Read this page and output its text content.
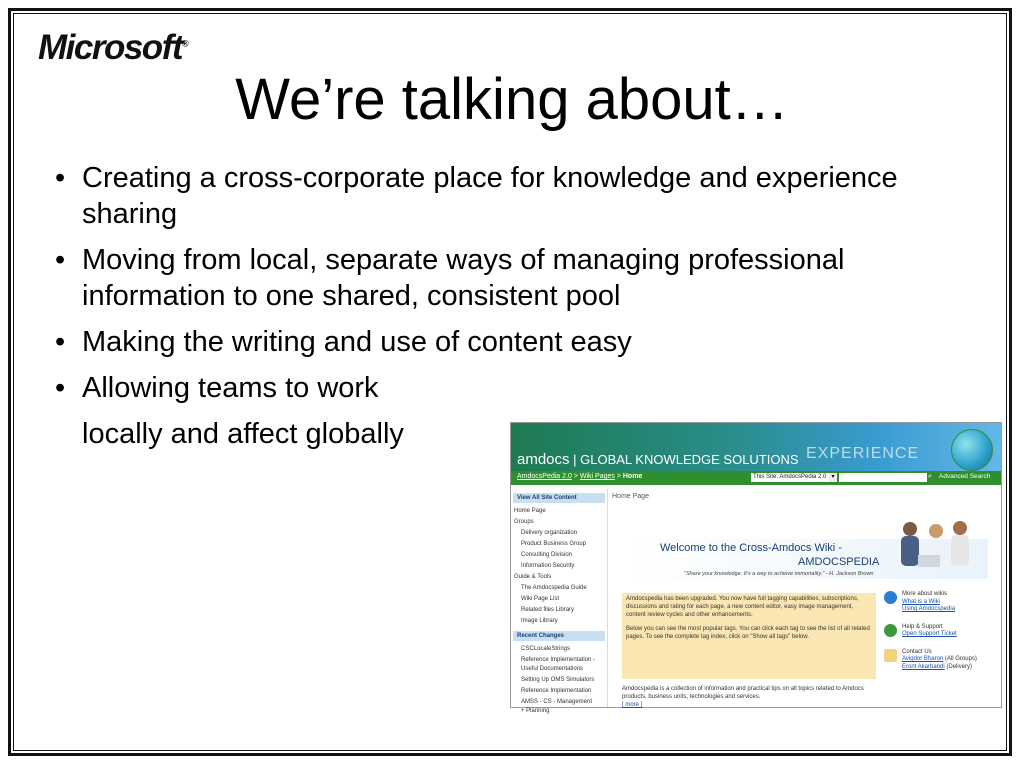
Microsoft®
We’re talking about…
• Creating a cross-corporate place for knowledge and experience sharing
• Moving from local, separate ways of managing professional information to one shared, consistent pool
• Making the writing and use of content easy
• Allowing teams to work
locally and affect globally
amdocs | GLOBAL KNOWLEDGE SOLUTIONS EXPERIENCE
AmdocsPedia 2.0 > Wiki Pages > Home	This Site: AmdocsPedia 2.0 ▾	⌕ Advanced Search
View All Site Content
Home Page
Groups
Delivery organization
Product Business Group
Consulting Division
Information Security
Guide & Tools
The Amdocspedia Guide
Wiki Page List
Related files Library
Image Library
Recent Changes
CSCLocaleStrings
Reference Implementation - Useful Documentations
Setting Up OMS Simulators
Reference Implementation
AMSS - CS - Management + Planning
Home Page
Welcome to the Cross-Amdocs Wiki -
AMDOCSPEDIA
"Share your knowledge. It's a way to achieve immortality." - H. Jackson Brown
Amdocspedia has been upgraded. You now have full tagging capabilities, subscriptions, discussions and rating for each page, a new content editor, easy image management, content review cycles and other enhancements.
Below you can see the most popular tags. You can click each tag to see the list of all related pages. To see the complete tag index, click on "Show all tags" below.
Amdocspedia is a collection of information and practical tips on all topics related to Amdocs products, business units, technologies and services.
[ more ]
More about wikis
What is a Wiki
Using Amdocspedia
Help & Support
Open Support Ticket
Contact Us
Avigdor Bharon (All Groups)
Eront Akarbandi (Delivery)
